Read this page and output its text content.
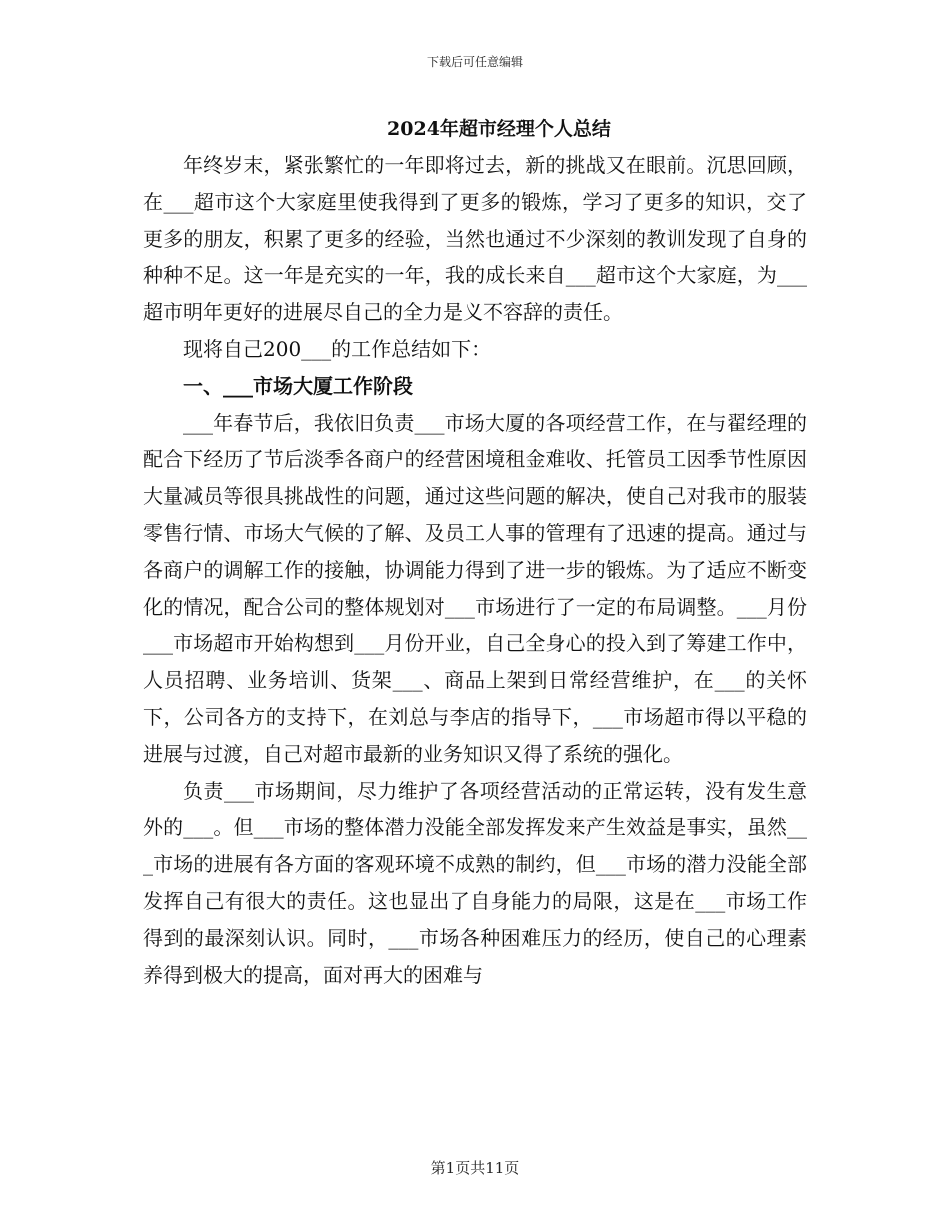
下载后可任意编辑
2024年超市经理个人总结

年终岁末，紧张繁忙的一年即将过去，新的挑战又在眼前。沉思回顾，在___超市这个大家庭里使我得到了更多的锻炼，学习了更多的知识，交了更多的朋友，积累了更多的经验，当然也通过不少深刻的教训发现了自身的种种不足。这一年是充实的一年，我的成长来自___超市这个大家庭，为___超市明年更好的进展尽自己的全力是义不容辞的责任。

现将自己200___的工作总结如下：

一、___市场大厦工作阶段

___年春节后，我依旧负责___市场大厦的各项经营工作，在与翟经理的配合下经历了节后淡季各商户的经营困境租金难收、托管员工因季节性原因大量减员等很具挑战性的问题，通过这些问题的解决，使自己对我市的服装零售行情、市场大气候的了解、及员工人事的管理有了迅速的提高。通过与各商户的调解工作的接触，协调能力得到了进一步的锻炼。为了适应不断变化的情况，配合公司的整体规划对___市场进行了一定的布局调整。___月份___市场超市开始构想到___月份开业，自己全身心的投入到了筹建工作中，人员招聘、业务培训、货架___、商品上架到日常经营维护，在___的关怀下，公司各方的支持下，在刘总与李店的指导下，___市场超市得以平稳的进展与过渡，自己对超市最新的业务知识又得了系统的强化。

负责___市场期间，尽力维护了各项经营活动的正常运转，没有发生意外的___。但___市场的整体潜力没能全部发挥发来产生效益是事实，虽然___市场的进展有各方面的客观环境不成熟的制约，但___市场的潜力没能全部发挥自己有很大的责任。这也显出了自身能力的局限，这是在___市场工作得到的最深刻认识。同时，___市场各种困难压力的经历，使自己的心理素养得到极大的提高，面对再大的困难与

第1页共11页
